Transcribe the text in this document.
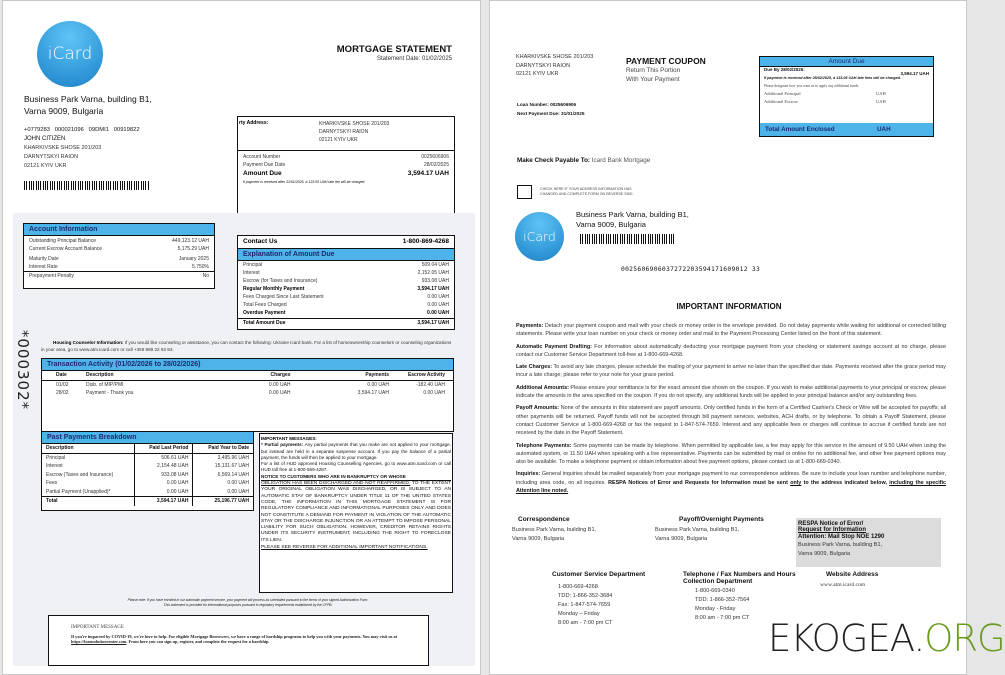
iCard
Business Park Varna, building B1,
Varna 9009, Bulgaria
+0779283   000021096   09DMI1   00919822
JOHN CITIZEN
KHARKIVSKE SHOSE 201/203
DARNYTSKYI RAION
02121 KYIV UKR
MORTGAGE STATEMENT
Statement Date: 01/02/2025
rty Address:	KHARKIVSKE SHOSE 201/203
DARNYTSKYI RAION
02121 KYIV UKR
Account Number	0025606906
Payment Due Date	28/02/2025
Amount Due	3,594.17 UAH
If payment is received after 31/01/2025, a 133.05 UAH late fee will be charged.
*000302*
Account Information
Outstanding Principal Balance	449,123.12 UAH
Current Escrow Account Balance	5,175.29 UAH
Maturity Date	January 2025
Interest Rate	5.750%
Prepayment Penalty	No
Contact Us	1-800-869-4268
Explanation of Amount Due
Principal	509.04 UAH
Interest	2,152.05 UAH
Escrow (for Taxes and Insurance)	933.08 UAH
Regular Monthly Payment	3,594.17 UAH
Fees Charged Since Last Statement	0.00 UAH
Total Fees Charged	0.00 UAH
Overdue Payment	0.00 UAH
Total Amount Due	3,594.17 UAH
Housing Counselor Information: If you would like counseling or assistance, you can contact the following: Ukraine Icard bank. For a list of homeownership counselors or counseling organizations in your area, go to www.atm.icard.com or call +359 889 22 93 93.
Transaction Activity (01/02/2026 to 28/02/2026)
Date	Description	Charges	Payments	Escrow Activity
01/02	Disb. of MIP/PMI	0.00 UAH	0.00 UAH	-182.40 UAH
28/02	Payment - Thank you	0.00 UAH	3,594.17 UAH	0.00 UAH
Past Payments Breakdown
Description	Paid Last Period	Paid Year to Date
Principal	506.61 UAH	3,495.96 UAH
Interest	2,154.48 UAH	15,131.67 UAH
Escrow (Taxes and Insurance)	933.08 UAH	6,569.14 UAH
Fees	0.00 UAH	0.00 UAH
Partial Payment (Unapplied)*	0.00 UAH	0.00 UAH
Total	3,594.17 UAH	25,196.77 UAH
IMPORTANT MESSAGES:
* Partial payments: Any partial payments that you make are not applied to your mortgage, but instead are held in a separate suspense account. If you pay the balance of a partial payment, the funds will then be applied to your mortgage.
For a list of HUD approved Housing Counselling Agencies, go to www.atm.icard.com or call HUD toll free at 1-800-569-4287.
NOTICE TO CUSTOMERS WHO ARE IN BANKRUPTCY OR WHOSE
OBLIGATION HAS BEEN DISCHARGED AND NOT REAFFIRMED: TO THE EXTENT YOUR ORIGINAL OBLIGATION WAS DISCHARGED, OR IS SUBJECT TO AN AUTOMATIC STAY OF BANKRUPTCY UNDER TITLE 11 OF THE UNITED STATES CODE, THE INFORMATION IN THIS MORTGAGE STATEMENT IS FOR REGULATORY COMPLIANCE AND INFORMATIONAL PURPOSES ONLY AND DOES NOT CONSTITUTE A DEMAND FOR PAYMENT IN VIOLATION OF THE AUTOMATIC STAY OR THE DISCHARGE INJUNCTION OR AN ATTEMPT TO IMPOSE PERSONAL LIABILITY FOR SUCH OBLIGATION. HOWEVER, CREDITOR RETAINS RIGHTS UNDER ITS SECURITY INSTRUMENT, INCLUDING THE RIGHT TO FORECLOSE ITS LIEN.
PLEASE SEE REVERSE FOR ADDITIONAL IMPORTANT NOTIFICATIONS.
Please note: If you have enrolled in our automatic payment service, your payment will process as scheduled pursuant to the terms of your signed Authorization Form.
This statement is provided for informational purposes pursuant to regulatory requirements established by the CFPB.
IMPORTANT MESSAGE
If you're impacted by COVID-19, we're here to help. For eligible Mortgage Borrowers, we have a range of hardship programs to help you with your payments. You may visit us at https://loansolutioncenter.com. From here you can sign up, register, and complete the request for a hardship.
KHARKIVSKE SHOSE 201/203
DARNYTSKYI RAION
02121 KYIV UKR
PAYMENT COUPON
Return This Portion
With Your Payment
Loan Number: 0025606906
Next Payment Due: 31/01/2025
Amount Due
Due By 28/02/2025:
3,594.17 UAH
If payment is received after 28/02/2025, a 133.05 UAH late fees will be charged.
Please designate how you want us to apply any additional funds.
Additional Principal	UAH
Additional Escrow	UAH
Total Amount Enclosed	UAH
Make Check Payable To: Icard Bank Mortgage
CHECK HERE IF YOUR ADDRESS INFORMATION HAS
CHANGED AND COMPLETE FORM ON REVERSE SIDE.
iCard
Business Park Varna, building B1,
Varna 9009, Bulgaria
0025606906037272203594171609012 33
IMPORTANT INFORMATION
Payments: Detach your payment coupon and mail with your check or money order in the envelope provided. Do not delay payments while waiting for additional or corrected billing statements. Please write your loan number on your check or money order and mail to the Payment Processing Center listed on the front of this statement.
Automatic Payment Drafting: For information about automatically deducting your mortgage payment from your checking or statement savings account at no charge, please contact our Customer Service Department toll-free at 1-800-669-4268.
Late Charges: To avoid any late charges, please schedule the mailing of your payment to arrive no later than the specified due date. Payments received after the grace period may incur a late charge; please refer to your note for your grace period.
Additional Amounts: Please ensure your remittance is for the exact amount due shown on the coupon. If you wish to make additional payments to your principal or escrow, please indicate the amounts in the area specified on the coupon. If you do not specify, any additional funds will be applied to your principal balance and/or any outstanding fees.
Payoff Amounts: None of the amounts in this statement are payoff amounts. Only certified funds in the form of a Certified Cashier's Check or Wire will be accepted for payoffs; all other payments will be returned. Payoff funds will not be accepted through bill payment services, websites, ACH drafts, or by telephone. To obtain a Payoff Statement, please contact Customer Service at 1-800-669-4268 or fax the request to 1-847-574-7659. Interest and any applicable fees or charges will continue to accrue if certified funds are not received by the date in the Payoff Statement.
Telephone Payments: Some payments can be made by telephone. When permitted by applicable law, a fee may apply for this service in the amount of 9.50 UAH when using the automated system, or 11.50 UAH when speaking with a live representative. Payments can be submitted by mail or online for no additional fee, and other free payment options may also be available. To make a telephone payment or obtain information about free payment options, please contact us at 1-800-669-0340.
Inquiries: General inquiries should be mailed separately from your mortgage payment to our correspondence address. Be sure to include your loan number and telephone number, including area code, on all inquiries. RESPA Notices of Error and Requests for Information must be sent only to the address indicated below, including the specific Attention line noted.
Correspondence
Business Park Varna, building B1,
Varna 9009, Bulgaria
Payoff/Overnight Payments
Business Park Varna, building B1,
Varna 9009, Bulgaria
RESPA Notice of Error/
Request for Information
Attention: Mail Stop NOE 1290
Business Park Varna, building B1,
Varna 9009, Bulgaria
Customer Service Department
1-800-669-4268
TDD: 1-866-352-3684
Fax: 1-847-574-7659
Monday – Friday
8:00 am - 7:00 pm CT
Telephone / Fax Numbers and Hours
Collection Department
1-800-669-0340
TDD: 1-866-352-7564
Monday - Friday
8:00 am - 7:00 pm CT
Website Address
www.atm.icard.com
EKOGEA.ORG
